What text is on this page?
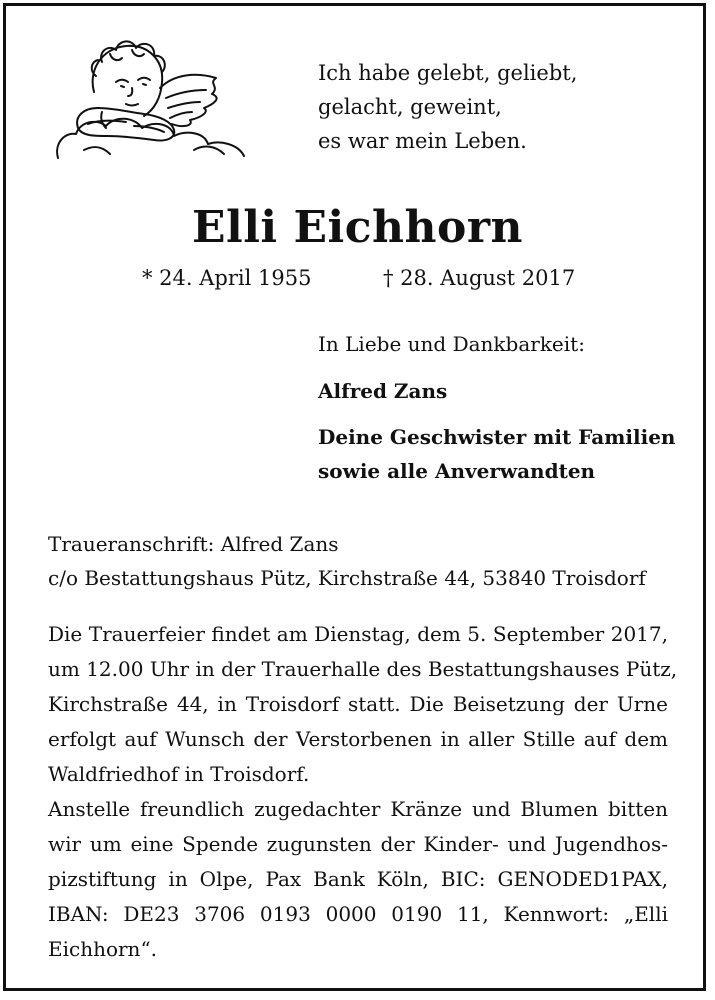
Ich habe gelebt, geliebt,
gelacht, geweint,
es war mein Leben.
Elli Eichhorn
* 24. April 1955	† 28. August 2017
In Liebe und Dankbarkeit:
Alfred Zans
Deine Geschwister mit Familien
sowie alle Anverwandten
Traueranschrift: Alfred Zans
c/o Bestattungshaus Pütz, Kirchstraße 44, 53840 Troisdorf
Die Trauerfeier findet am Dienstag, dem 5. September 2017,
um 12.00 Uhr in der Trauerhalle des Bestattungshauses Pütz,
Kirchstraße 44, in Troisdorf statt. Die Beisetzung der Urne
erfolgt auf Wunsch der Verstorbenen in aller Stille auf dem
Waldfriedhof in Troisdorf.
Anstelle freundlich zugedachter Kränze und Blumen bitten
wir um eine Spende zugunsten der Kinder- und Jugendhos-
pizstiftung in Olpe, Pax Bank Köln, BIC: GENODED1PAX,
IBAN: DE23 3706 0193 0000 0190 11, Kennwort: „Elli
Eichhorn“.
